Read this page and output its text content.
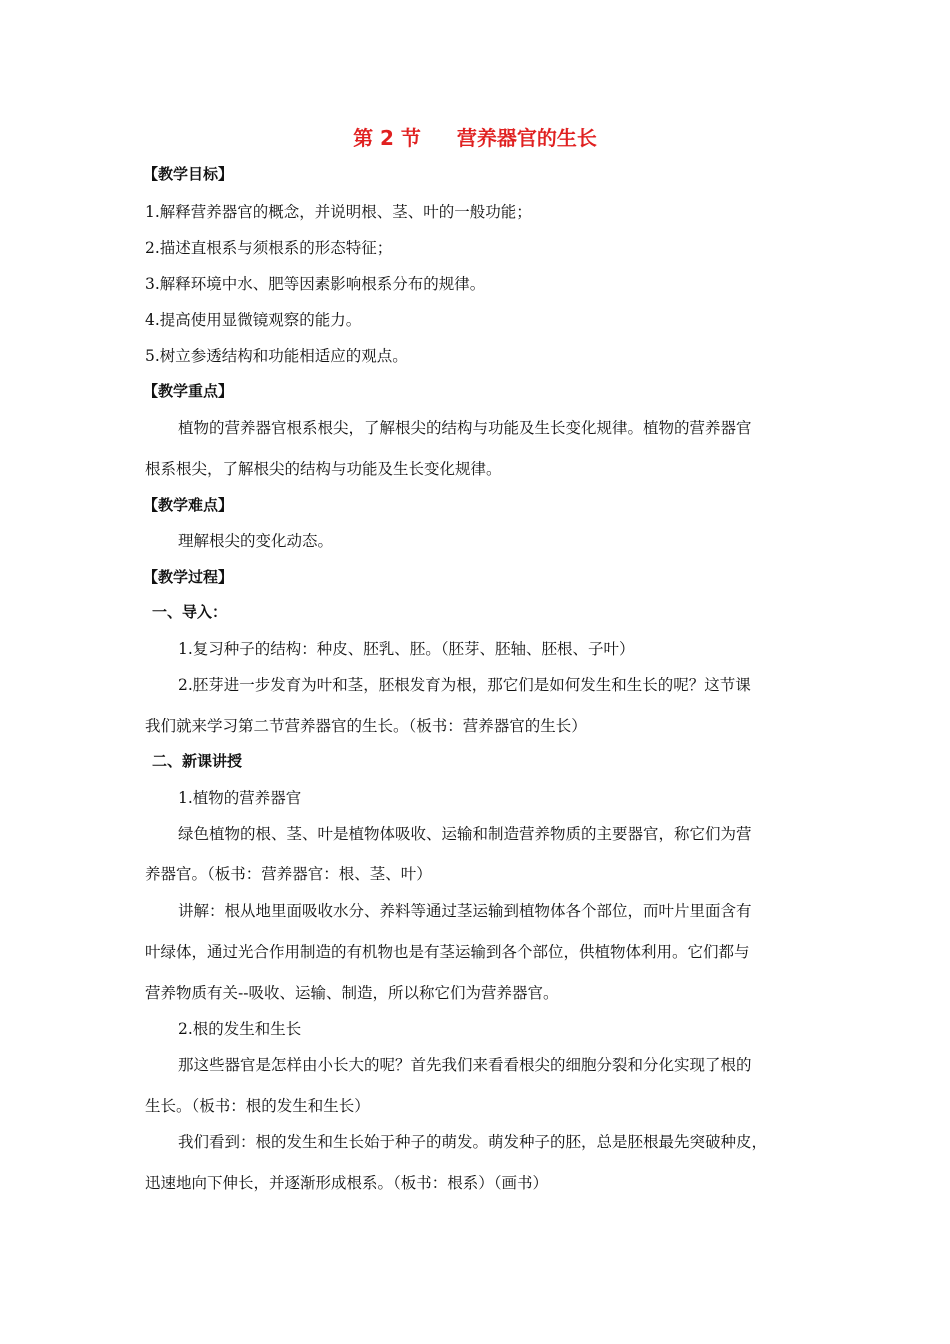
第 2 节 营养器官的生长
【教学目标】
1.解释营养器官的概念，并说明根、茎、叶的一般功能；
2.描述直根系与须根系的形态特征；
3.解释环境中水、肥等因素影响根系分布的规律。
4.提高使用显微镜观察的能力。
5.树立参透结构和功能相适应的观点。
【教学重点】
植物的营养器官根系根尖，了解根尖的结构与功能及生长变化规律。植物的营养器官
根系根尖，了解根尖的结构与功能及生长变化规律。
【教学难点】
理解根尖的变化动态。
【教学过程】
一、导入：
1.复习种子的结构：种皮、胚乳、胚。（胚芽、胚轴、胚根、子叶）
2.胚芽进一步发育为叶和茎，胚根发育为根，那它们是如何发生和生长的呢？这节课
我们就来学习第二节营养器官的生长。（板书：营养器官的生长）
二、新课讲授
1.植物的营养器官
绿色植物的根、茎、叶是植物体吸收、运输和制造营养物质的主要器官，称它们为营
养器官。（板书：营养器官：根、茎、叶）
讲解：根从地里面吸收水分、养料等通过茎运输到植物体各个部位，而叶片里面含有
叶绿体，通过光合作用制造的有机物也是有茎运输到各个部位，供植物体利用。它们都与
营养物质有关--吸收、运输、制造，所以称它们为营养器官。
2.根的发生和生长
那这些器官是怎样由小长大的呢？首先我们来看看根尖的细胞分裂和分化实现了根的
生长。（板书：根的发生和生长）
我们看到：根的发生和生长始于种子的萌发。萌发种子的胚，总是胚根最先突破种皮，
迅速地向下伸长，并逐渐形成根系。（板书：根系）（画书）
